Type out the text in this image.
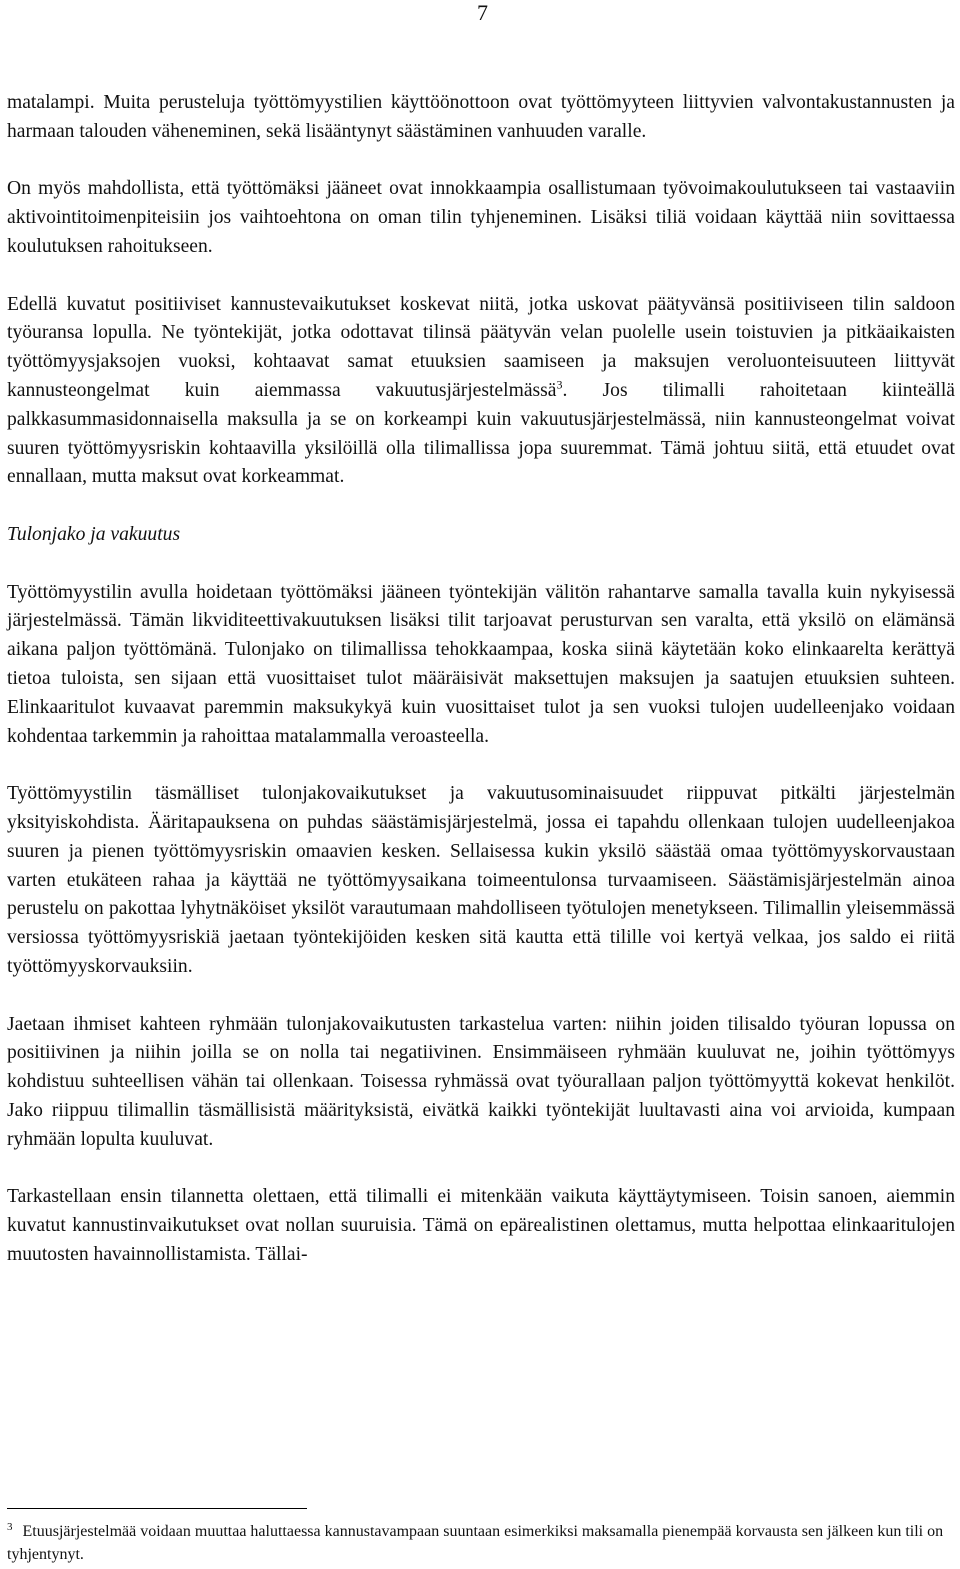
7

matalampi. Muita perusteluja työttömyystilien käyttöönottoon ovat työttömyyteen liittyvien valvontakustannusten ja harmaan talouden väheneminen, sekä lisääntynyt säästäminen vanhuuden varalle.

On myös mahdollista, että työttömäksi jääneet ovat innokkaampia osallistumaan työvoimakoulutukseen tai vastaaviin aktivointitoimenpiteisiin jos vaihtoehtona on oman tilin tyhjeneminen. Lisäksi tiliä voidaan käyttää niin sovittaessa koulutuksen rahoitukseen.

Edellä kuvatut positiiviset kannustevaikutukset koskevat niitä, jotka uskovat päätyvänsä positiiviseen tilin saldoon työuransa lopulla. Ne työntekijät, jotka odottavat tilinsä päätyvän velan puolelle usein toistuvien ja pitkäaikaisten työttömyysjaksojen vuoksi, kohtaavat samat etuuksien saamiseen ja maksujen veroluonteisuuteen liittyvät kannusteongelmat kuin aiemmassa vakuutusjärjestelmässä$^3$. Jos tilimalli rahoitetaan kiinteällä palkkasummasidonnaisella maksulla ja se on korkeampi kuin vakuutusjärjestelmässä, niin kannusteongelmat voivat suuren työttömyysriskin kohtaavilla yksilöillä olla tilimallissa jopa suuremmat. Tämä johtuu siitä, että etuudet ovat ennallaan, mutta maksut ovat korkeammat.

Tulonjako ja vakuutus

Työttömyystilin avulla hoidetaan työttömäksi jääneen työntekijän välitön rahantarve samalla tavalla kuin nykyisessä järjestelmässä. Tämän likviditeettivakuutuksen lisäksi tilit tarjoavat perusturvan sen varalta, että yksilö on elämänsä aikana paljon työttömänä. Tulonjako on tilimallissa tehokkaampaa, koska siinä käytetään koko elinkaarelta kerättyä tietoa tuloista, sen sijaan että vuosittaiset tulot määräisivät maksettujen maksujen ja saatujen etuuksien suhteen. Elinkaaritulot kuvaavat paremmin maksukykyä kuin vuosittaiset tulot ja sen vuoksi tulojen uudelleenjako voidaan kohdentaa tarkemmin ja rahoittaa matalammalla veroasteella.

Työttömyystilin täsmälliset tulonjakovaikutukset ja vakuutusominaisuudet riippuvat pitkälti järjestelmän yksityiskohdista. Ääritapauksena on puhdas säästämisjärjestelmä, jossa ei tapahdu ollenkaan tulojen uudelleenjakoa suuren ja pienen työttömyysriskin omaavien kesken. Sellaisessa kukin yksilö säästää omaa työttömyyskorvaustaan varten etukäteen rahaa ja käyttää ne työttömyysaikana toimeentulonsa turvaamiseen. Säästämisjärjestelmän ainoa perustelu on pakottaa lyhytnäköiset yksilöt varautumaan mahdolliseen työtulojen menetykseen. Tilimallin yleisemmässä versiossa työttömyysriskiä jaetaan työntekijöiden kesken sitä kautta että tilille voi kertyä velkaa, jos saldo ei riitä työttömyyskorvauksiin.

Jaetaan ihmiset kahteen ryhmään tulonjakovaikutusten tarkastelua varten: niihin joiden tilisaldo työuran lopussa on positiivinen ja niihin joilla se on nolla tai negatiivinen. Ensimmäiseen ryhmään kuuluvat ne, joihin työttömyys kohdistuu suhteellisen vähän tai ollenkaan. Toisessa ryhmässä ovat työurallaan paljon työttömyyttä kokevat henkilöt. Jako riippuu tilimallin täsmällisistä määrityksistä, eivätkä kaikki työntekijät luultavasti aina voi arvioida, kumpaan ryhmään lopulta kuuluvat.

Tarkastellaan ensin tilannetta olettaen, että tilimalli ei mitenkään vaikuta käyttäytymiseen. Toisin sanoen, aiemmin kuvatut kannustinvaikutukset ovat nollan suuruisia. Tämä on epärealistinen olettamus, mutta helpottaa elinkaaritulojen muutosten havainnollistamista. Tällai-

$^3$ Etuusjärjestelmää voidaan muuttaa haluttaessa kannustavampaan suuntaan esimerkiksi maksamalla pienempää korvausta sen jälkeen kun tili on tyhjentynyt.
